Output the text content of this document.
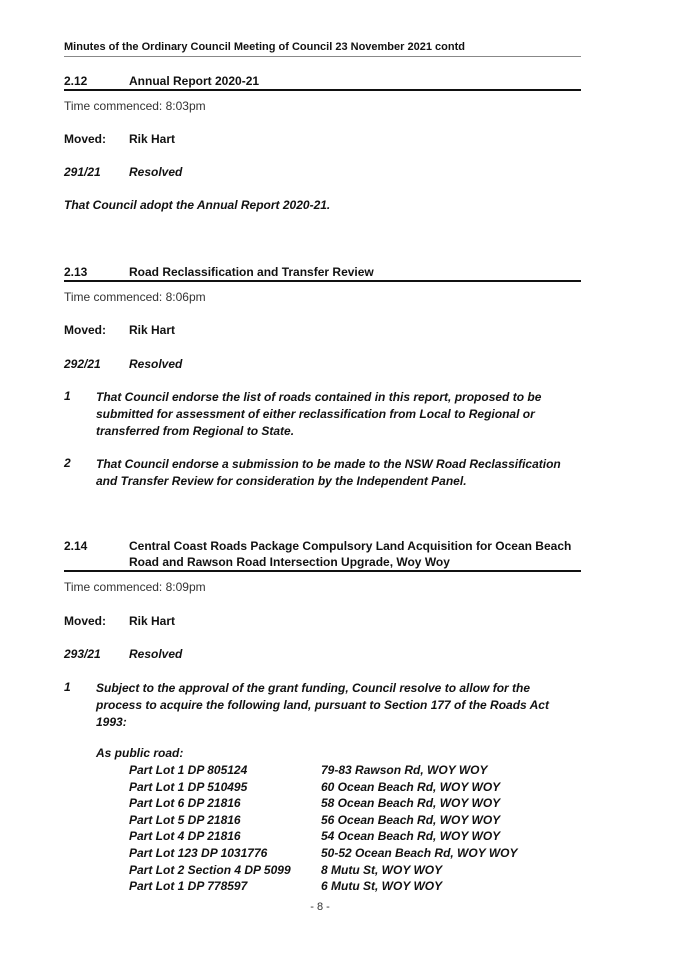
Minutes of the Ordinary Council Meeting of Council 23 November 2021 contd
2.12	Annual Report 2020-21
Time commenced: 8:03pm
Moved: Rik Hart
291/21 Resolved
That Council adopt the Annual Report 2020-21.
2.13	Road Reclassification and Transfer Review
Time commenced: 8:06pm
Moved: Rik Hart
292/21 Resolved
1 That Council endorse the list of roads contained in this report, proposed to be submitted for assessment of either reclassification from Local to Regional or transferred from Regional to State.
2 That Council endorse a submission to be made to the NSW Road Reclassification and Transfer Review for consideration by the Independent Panel.
2.14	Central Coast Roads Package Compulsory Land Acquisition for Ocean Beach
Road and Rawson Road Intersection Upgrade, Woy Woy
Time commenced: 8:09pm
Moved: Rik Hart
293/21 Resolved
1 Subject to the approval of the grant funding, Council resolve to allow for the process to acquire the following land, pursuant to Section 177 of the Roads Act 1993:
As public road:
Part Lot 1 DP 805124	79-83 Rawson Rd, WOY WOY
Part Lot 1 DP 510495	60 Ocean Beach Rd, WOY WOY
Part Lot 6 DP 21816	58 Ocean Beach Rd, WOY WOY
Part Lot 5 DP 21816	56 Ocean Beach Rd, WOY WOY
Part Lot 4 DP 21816	54 Ocean Beach Rd, WOY WOY
Part Lot 123 DP 1031776	50-52 Ocean Beach Rd, WOY WOY
Part Lot 2 Section 4 DP 5099	8 Mutu St, WOY WOY
Part Lot 1 DP 778597	6 Mutu St, WOY WOY
- 8 -
